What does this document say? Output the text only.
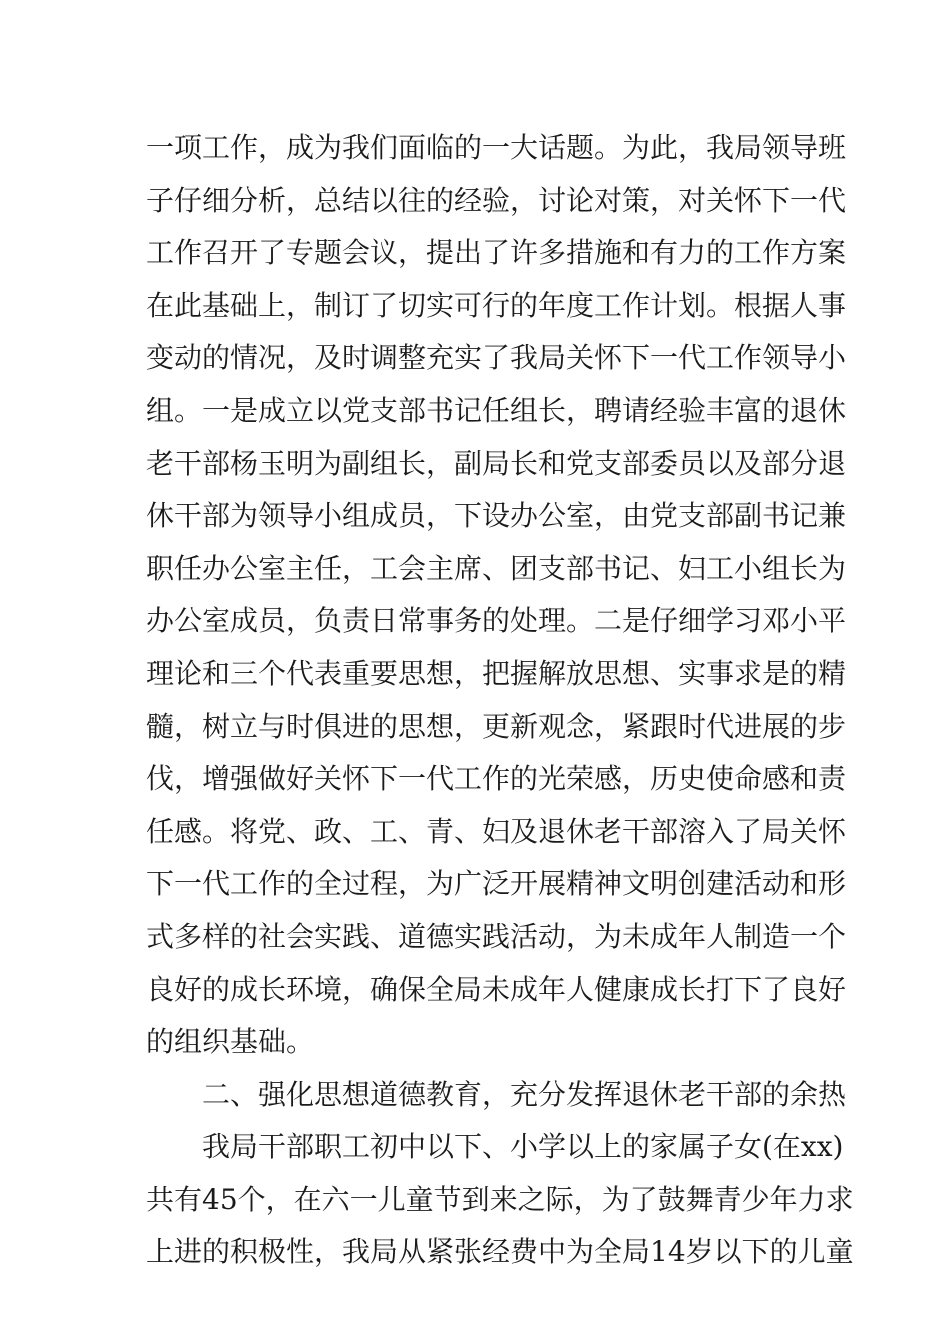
一项工作，成为我们面临的一大话题。为此，我局领导班
子仔细分析，总结以往的经验，讨论对策，对关怀下一代
工作召开了专题会议，提出了许多措施和有力的工作方案
在此基础上，制订了切实可行的年度工作计划。根据人事
变动的情况，及时调整充实了我局关怀下一代工作领导小
组。一是成立以党支部书记任组长，聘请经验丰富的退休
老干部杨玉明为副组长，副局长和党支部委员以及部分退
休干部为领导小组成员，下设办公室，由党支部副书记兼
职任办公室主任，工会主席、团支部书记、妇工小组长为
办公室成员，负责日常事务的处理。二是仔细学习邓小平
理论和三个代表重要思想，把握解放思想、实事求是的精
髓，树立与时俱进的思想，更新观念，紧跟时代进展的步
伐，增强做好关怀下一代工作的光荣感，历史使命感和责
任感。将党、政、工、青、妇及退休老干部溶入了局关怀
下一代工作的全过程，为广泛开展精神文明创建活动和形
式多样的社会实践、道德实践活动，为未成年人制造一个
良好的成长环境，确保全局未成年人健康成长打下了良好
的组织基础。
二、强化思想道德教育，充分发挥退休老干部的余热
我局干部职工初中以下、小学以上的家属子女(在xx)
共有45个，在六一儿童节到来之际，为了鼓舞青少年力求
上进的积极性，我局从紧张经费中为全局14岁以下的儿童
